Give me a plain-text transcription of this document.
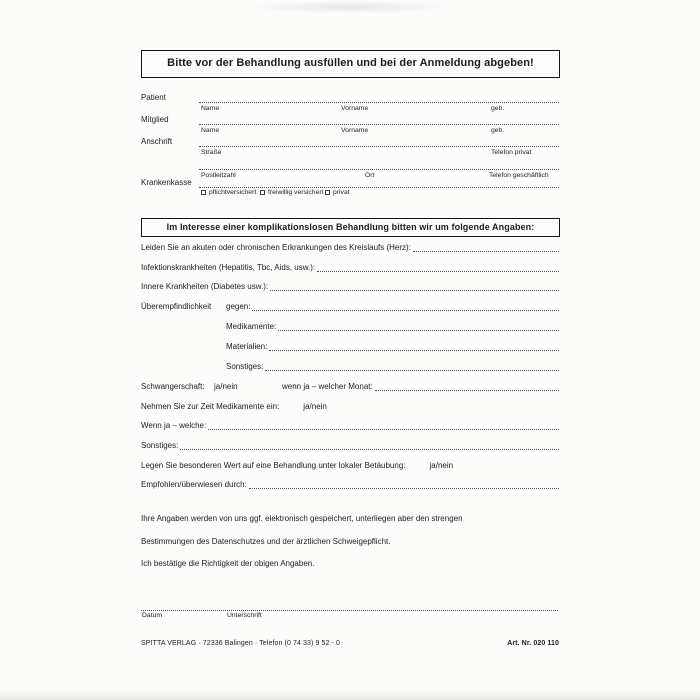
Bitte vor der Behandlung ausfüllen und bei der Anmeldung abgeben!
Patient
Name	Vorname	geb.
Mitglied
Name	Vorname	geb.
Anschrift
Straße	Telefon privat
Postleitzahl	Ort	Telefon geschäftlich
Krankenkasse
pflichtversichert freiwillig versichert privat
Im Interesse einer komplikationslosen Behandlung bitten wir um folgende Angaben:
Leiden Sie an akuten oder chronischen Erkrankungen des Kreislaufs (Herz):
Infektionskrankheiten (Hepatitis, Tbc, Aids, usw.):
Innere Krankheiten (Diabetes usw.):
Überempfindlichkeit	gegen:
Medikamente:
Materialien:
Sonstiges:
Schwangerschaft:	ja/nein	wenn ja – welcher Monat:
Nehmen Sie zur Zeit Medikamente ein:	ja/nein
Wenn ja – welche:
Sonstiges:
Legen Sie besonderen Wert auf eine Behandlung unter lokaler Betäubung:	ja/nein
Empfohlen/überwiesen durch:
Ihre Angaben werden von uns ggf. elektronisch gespeichert, unterliegen aber den strengen
Bestimmungen des Datenschutzes und der ärztlichen Schweigepflicht.
Ich bestätige die Richtigkeit der obigen Angaben.
Datum	Unterschrift
SPITTA VERLAG · 72336 Balingen · Telefon (0 74 33) 9 52 - 0	Art. Nr. 020 110
